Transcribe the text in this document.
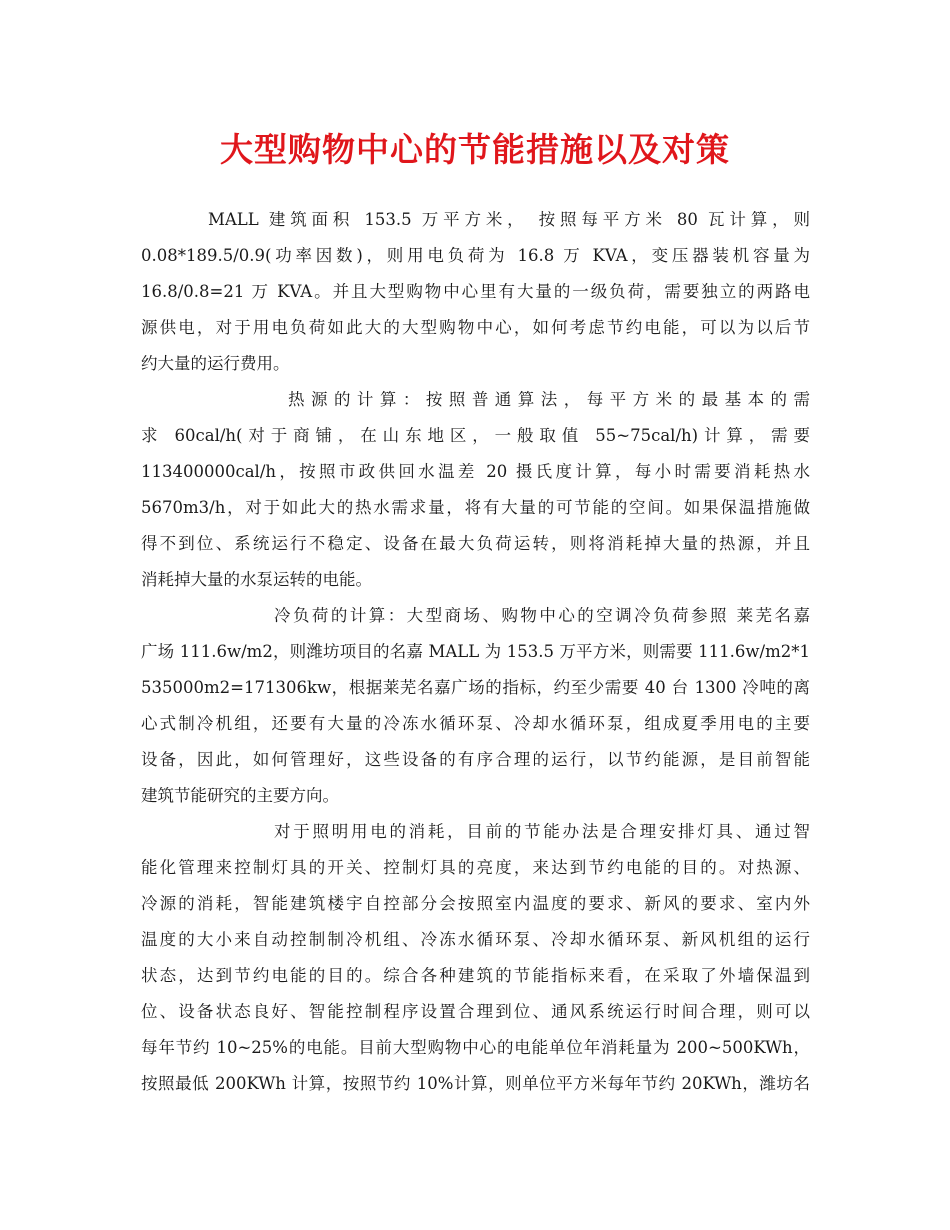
大型购物中心的节能措施以及对策
MALL 建筑面积 153.5 万平方米， 按照每平方米 80 瓦计算，则
0.08*189.5/0.9(功率因数)，则用电负荷为 16.8 万 KVA，变压器装机容量为
16.8/0.8=21 万 KVA。并且大型购物中心里有大量的一级负荷，需要独立的两路电
源供电，对于用电负荷如此大的大型购物中心，如何考虑节约电能，可以为以后节
约大量的运行费用。
热源的计算：按照普通算法，每平方米的最基本的需
求 60cal/h(对于商铺，在山东地区，一般取值 55~75cal/h)计算，需要
113400000cal/h，按照市政供回水温差 20 摄氏度计算，每小时需要消耗热水
5670m3/h，对于如此大的热水需求量，将有大量的可节能的空间。如果保温措施做
得不到位、系统运行不稳定、设备在最大负荷运转，则将消耗掉大量的热源，并且
消耗掉大量的水泵运转的电能。
冷负荷的计算：大型商场、购物中心的空调冷负荷参照 莱芜名嘉
广场 111.6w/m2，则潍坊项目的名嘉 MALL 为 153.5 万平方米，则需要 111.6w/m2*1
535000m2=171306kw，根据莱芜名嘉广场的指标，约至少需要 40 台 1300 冷吨的离
心式制冷机组，还要有大量的冷冻水循环泵、冷却水循环泵，组成夏季用电的主要
设备，因此，如何管理好，这些设备的有序合理的运行，以节约能源，是目前智能
建筑节能研究的主要方向。
对于照明用电的消耗，目前的节能办法是合理安排灯具、通过智
能化管理来控制灯具的开关、控制灯具的亮度，来达到节约电能的目的。对热源、
冷源的消耗，智能建筑楼宇自控部分会按照室内温度的要求、新风的要求、室内外
温度的大小来自动控制制冷机组、冷冻水循环泵、冷却水循环泵、新风机组的运行
状态，达到节约电能的目的。综合各种建筑的节能指标来看，在采取了外墙保温到
位、设备状态良好、智能控制程序设置合理到位、通风系统运行时间合理，则可以
每年节约 10~25%的电能。目前大型购物中心的电能单位年消耗量为 200~500KWh，
按照最低 200KWh 计算，按照节约 10%计算，则单位平方米每年节约 20KWh，潍坊名
